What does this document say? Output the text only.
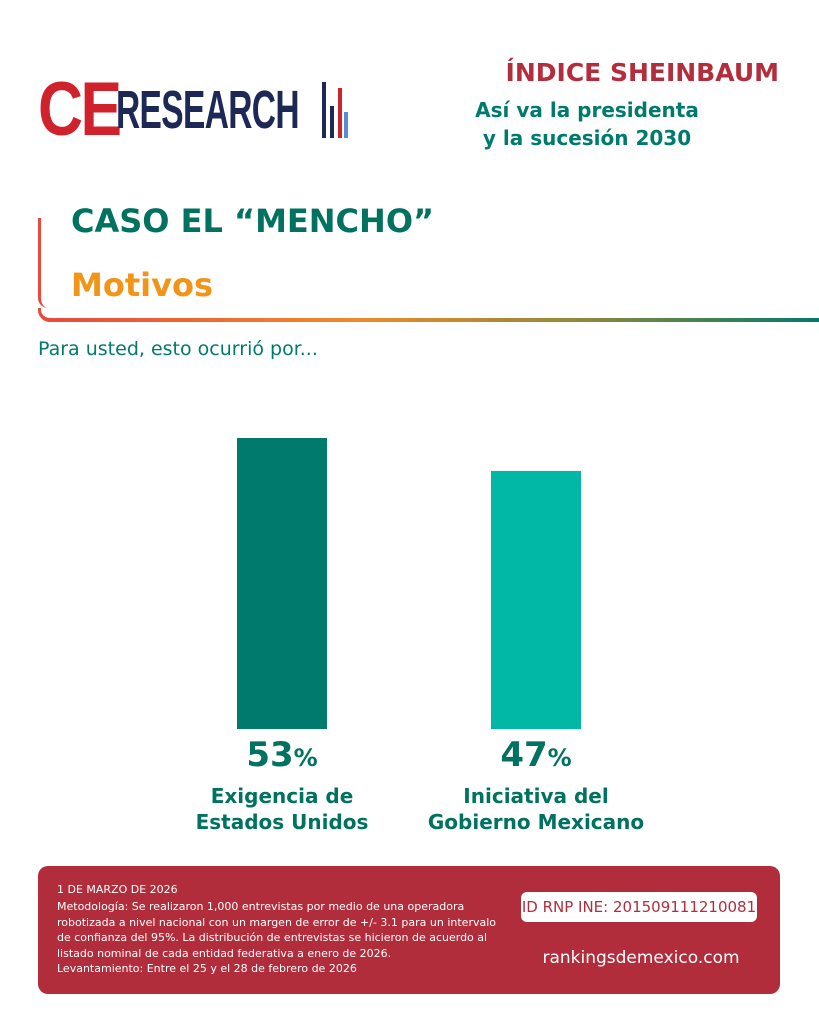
CE
RESEARCH
ÍNDICE SHEINBAUM
Así va la presidenta
y la sucesión 2030
CASO EL “MENCHO”
Motivos
Para usted, esto ocurrió por...
53%
Exigencia de
Estados Unidos
47%
Iniciativa del
Gobierno Mexicano
1 DE MARZO DE 2026
Metodología: Se realizaron 1,000 entrevistas por medio de una operadora robotizada a nivel nacional con un margen de error de +/- 3.1 para un intervalo de confianza del 95%. La distribución de entrevistas se hicieron de acuerdo al listado nominal de cada entidad federativa a enero de 2026.
Levantamiento: Entre el 25 y el 28 de febrero de 2026
ID RNP INE: 201509111210081
rankingsdemexico.com
